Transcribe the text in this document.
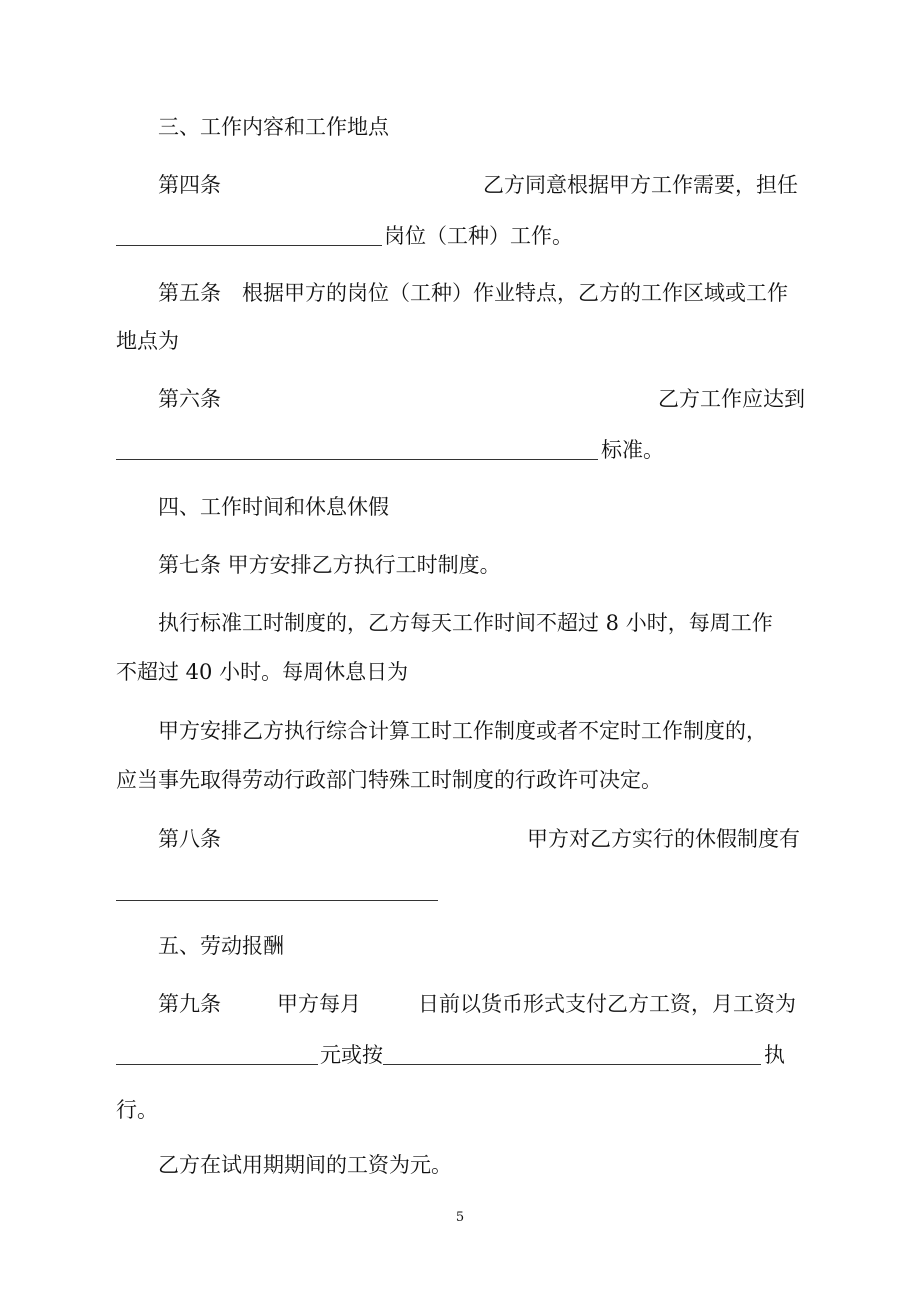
三、工作内容和工作地点
第四条	乙方同意根据甲方工作需要，担任
岗位（工种）工作。
第五条　根据甲方的岗位（工种）作业特点，乙方的工作区域或工作
地点为
第六条	乙方工作应达到
标准。
四、工作时间和休息休假
第七条 甲方安排乙方执行工时制度。
执行标准工时制度的，乙方每天工作时间不超过 8 小时，每周工作
不超过 40 小时。每周休息日为
甲方安排乙方执行综合计算工时工作制度或者不定时工作制度的，
应当事先取得劳动行政部门特殊工时制度的行政许可决定。
第八条	甲方对乙方实行的休假制度有
五、劳动报酬
第九条	甲方每月	日前以货币形式支付乙方工资，月工资为
元或按	执
行。
乙方在试用期期间的工资为元。
5
